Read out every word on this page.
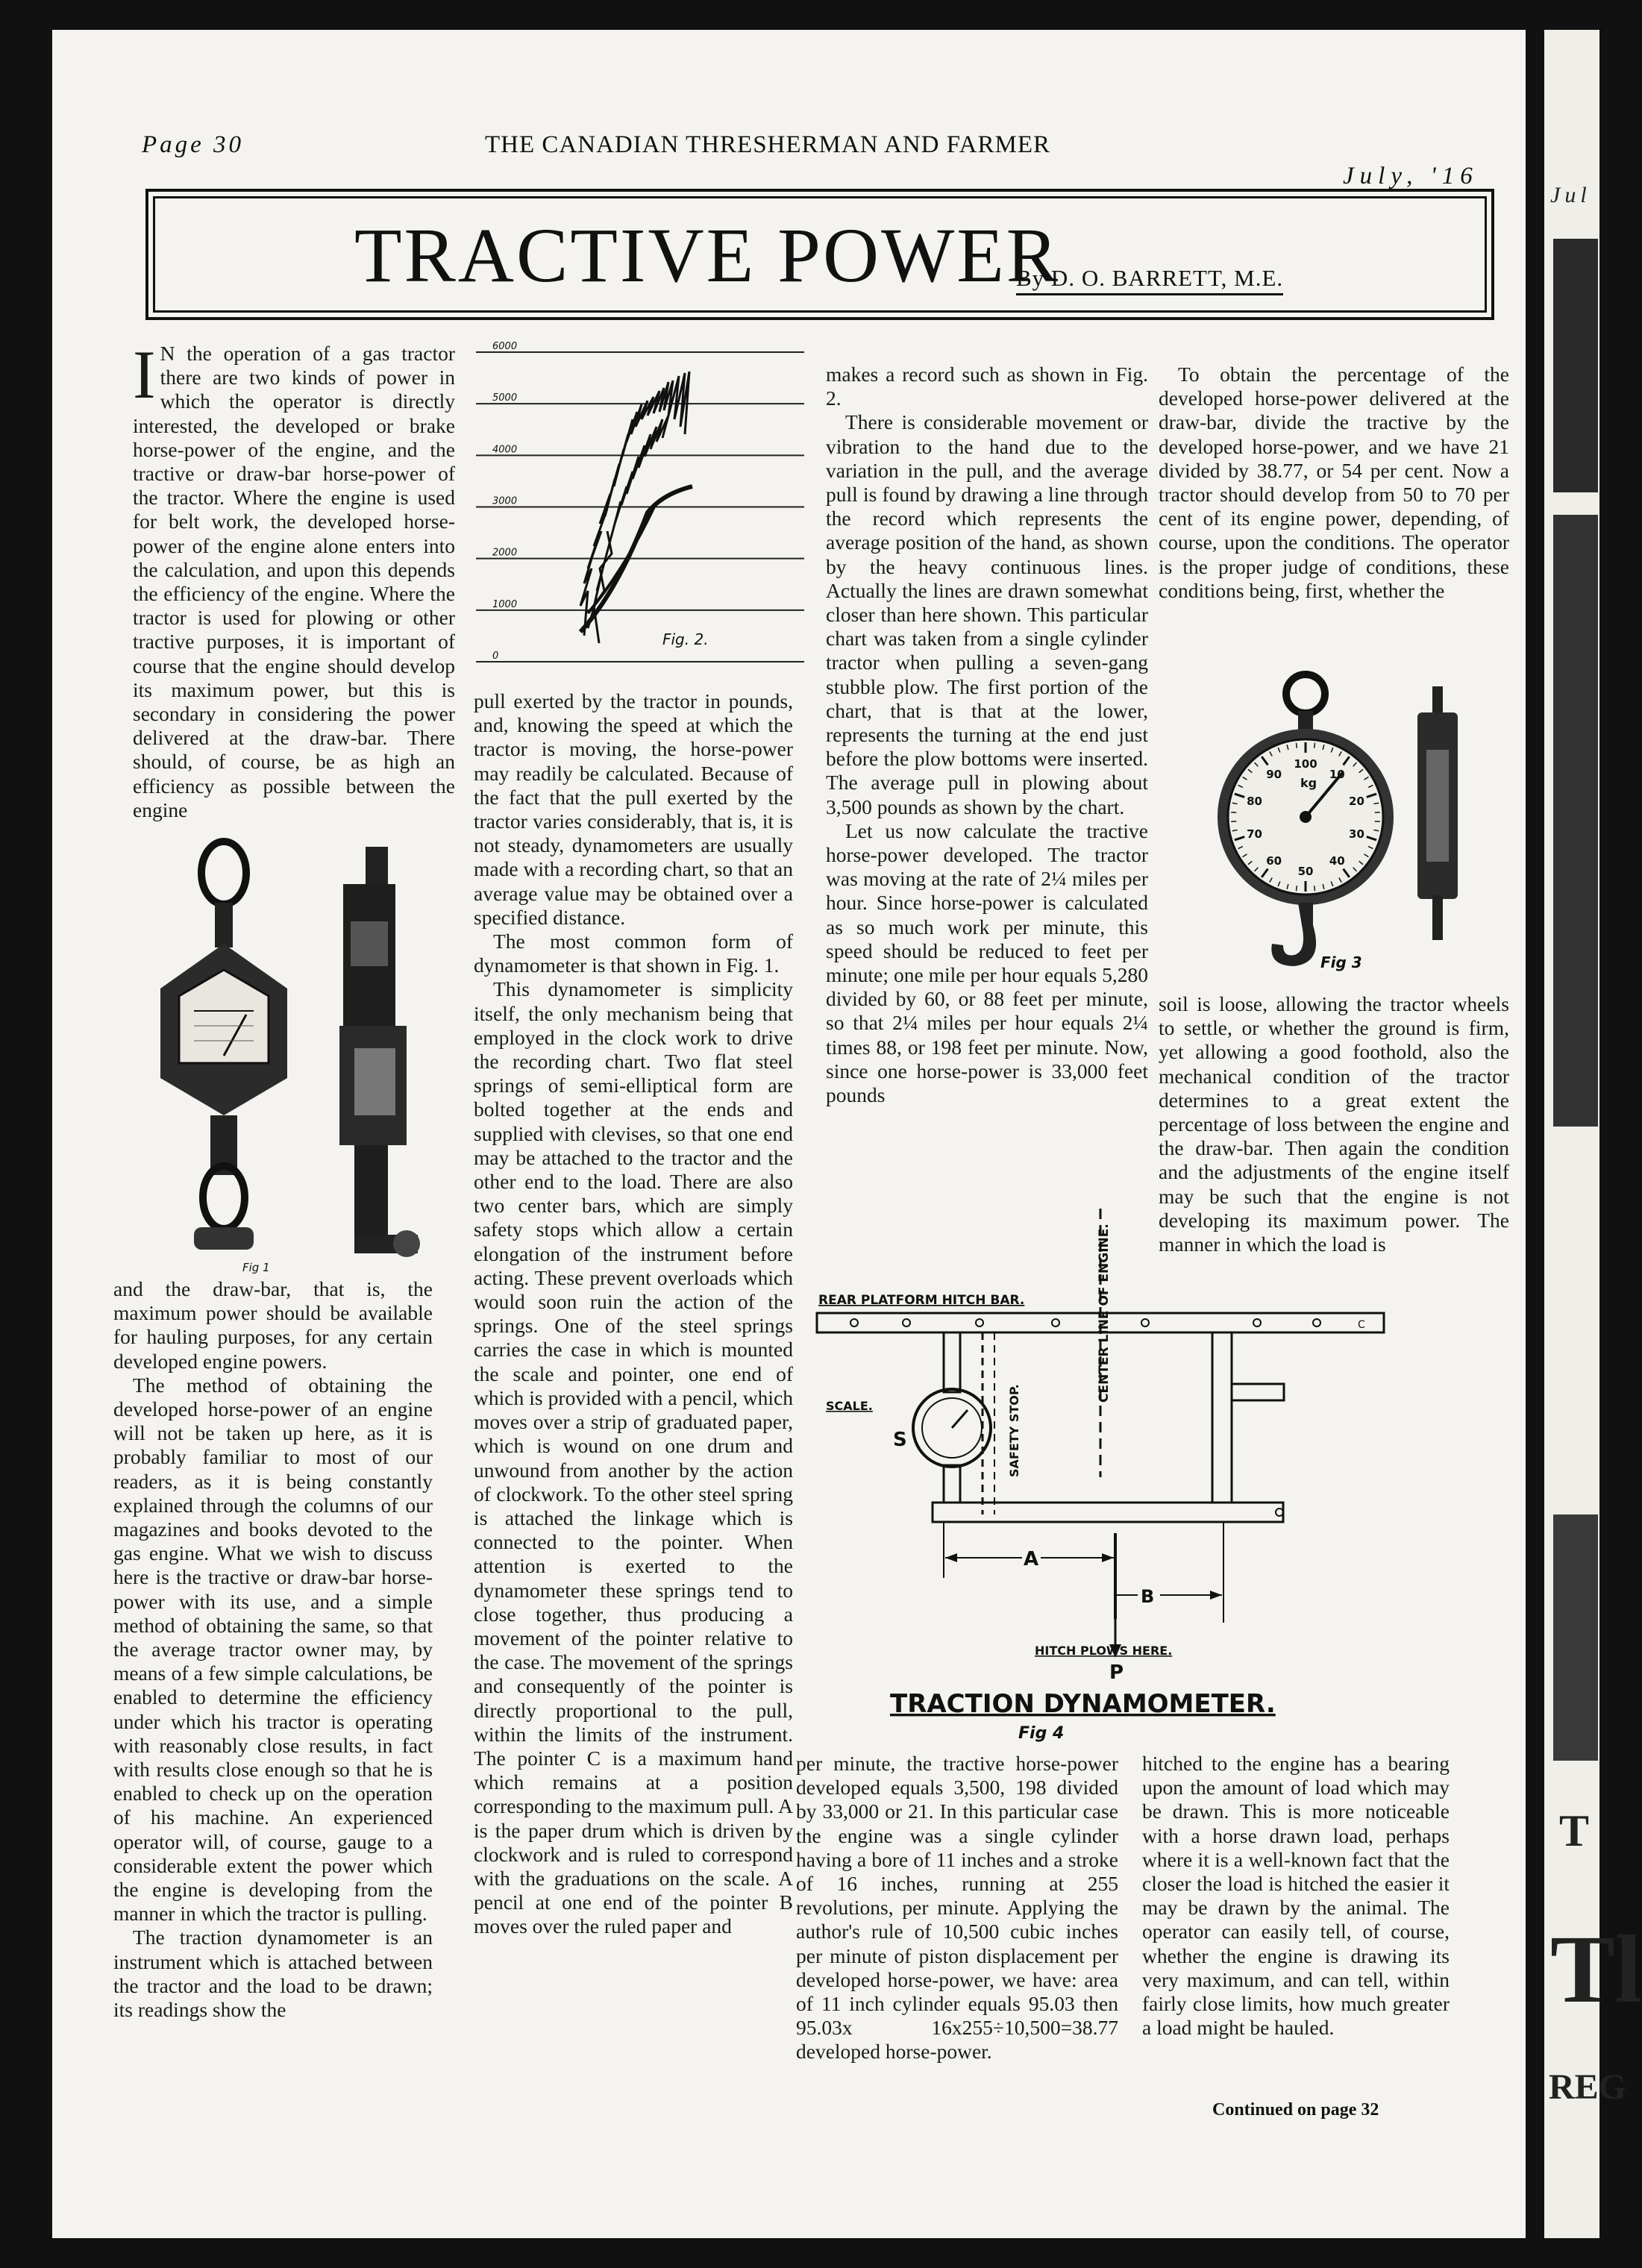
Jul
T
Tl
REG
Page 30	THE CANADIAN THRESHERMAN AND FARMER
July, '16
TRACTIVE POWER
By D. O. BARRETT, M.E.

I N the operation of a gas tractor there are two kinds of power in which the operator is directly interested, the developed or brake horse-power of the engine, and the tractive or draw-bar horse-power of the tractor. Where the engine is used for belt work, the developed horse-power of the engine alone enters into the calculation, and upon this depends the efficiency of the engine. Where the tractor is used for plowing or other tractive purposes, it is important of course that the engine should develop its maximum power, but this is secondary in considering the power delivered at the draw-bar. There should, of course, be as high an efficiency as possible between the engine

Fig 1

and the draw-bar, that is, the maximum power should be available for hauling purposes, for any certain developed engine powers.

The method of obtaining the developed horse-power of an engine will not be taken up here, as it is probably familiar to most of our readers, as it is being constantly explained through the columns of our magazines and books devoted to the gas engine. What we wish to discuss here is the tractive or draw-bar horse-power with its use, and a simple method of obtaining the same, so that the average tractor owner may, by means of a few simple calculations, be enabled to determine the efficiency under which his tractor is operating with reasonably close results, in fact with results close enough so that he is enabled to check up on the operation of his machine. An experienced operator will, of course, gauge to a considerable extent the power which the engine is developing from the manner in which the tractor is pulling.

The traction dynamometer is an instrument which is attached between the tractor and the load to be drawn; its readings show the

6000
5000
4000
3000
2000
1000
0
Fig. 2.

pull exerted by the tractor in pounds, and, knowing the speed at which the tractor is moving, the horse-power may readily be calculated. Because of the fact that the pull exerted by the tractor varies considerably, that is, it is not steady, dynamometers are usually made with a recording chart, so that an average value may be obtained over a specified distance.

The most common form of dynamometer is that shown in Fig. 1.

This dynamometer is simplicity itself, the only mechanism being that employed in the clock work to drive the recording chart. Two flat steel springs of semi-elliptical form are bolted together at the ends and supplied with clevises, so that one end may be attached to the tractor and the other end to the load. There are also two center bars, which are simply safety stops which allow a certain elongation of the instrument before acting. These prevent overloads which would soon ruin the action of the springs. One of the steel springs carries the case in which is mounted the scale and pointer, one end of which is provided with a pencil, which moves over a strip of graduated paper, which is wound on one drum and unwound from another by the action of clockwork. To the other steel spring is attached the linkage which is connected to the pointer. When attention is exerted to the dynamometer these springs tend to close together, thus producing a movement of the pointer relative to the case. The movement of the springs and consequently of the pointer is directly proportional to the pull, within the limits of the instrument. The pointer C is a maximum hand which remains at a position corresponding to the maximum pull. A is the paper drum which is driven by clockwork and is ruled to correspond with the graduations on the scale. A pencil at one end of the pointer B moves over the ruled paper and

makes a record such as shown in Fig. 2.

There is considerable movement or vibration to the hand due to the variation in the pull, and the average pull is found by drawing a line through the record which represents the average position of the hand, as shown by the heavy continuous lines. Actually the lines are drawn somewhat closer than here shown. This particular chart was taken from a single cylinder tractor when pulling a seven-gang stubble plow. The first portion of the chart, that is that at the lower, represents the turning at the end just before the plow bottoms were inserted. The average pull in plowing about 3,500 pounds as shown by the chart.

Let us now calculate the tractive horse-power developed. The tractor was moving at the rate of 2¼ miles per hour. Since horse-power is calculated as so much work per minute, this speed should be reduced to feet per minute; one mile per hour equals 5,280 divided by 60, or 88 feet per minute, so that 2¼ miles per hour equals 2¼ times 88, or 198 feet per minute. Now, since one horse-power is 33,000 feet pounds

To obtain the percentage of the developed horse-power delivered at the draw-bar, divide the tractive by the developed horse-power, and we have 21 divided by 38.77, or 54 per cent. Now a tractor should develop from 50 to 70 per cent of its engine power, depending, of course, upon the conditions. The operator is the proper judge of conditions, these conditions being, first, whether the

10
20
30
40
50
60
70
80
90
100
kg
Fig 3

soil is loose, allowing the tractor wheels to settle, or whether the ground is firm, yet allowing a good foothold, also the mechanical condition of the tractor determines to a great extent the percentage of loss between the engine and the draw-bar. Then again the condition and the adjustments of the engine itself may be such that the engine is not developing its maximum power. The manner in which the load is

CENTER LINE OF ENGINE.
REAR PLATFORM HITCH BAR.
C
SAFETY STOP.
S
SCALE.
A
B
HITCH PLOWS HERE.
P
TRACTION DYNAMOMETER.
Fig 4

per minute, the tractive horse-power developed equals 3,500, 198 divided by 33,000 or 21. In this particular case the engine was a single cylinder having a bore of 11 inches and a stroke of 16 inches, running at 255 revolutions, per minute. Applying the author's rule of 10,500 cubic inches per minute of piston displacement per developed horse-power, we have: area of 11 inch cylinder equals 95.03 then 95.03x 16x255÷10,500=38.77 developed horse-power.

hitched to the engine has a bearing upon the amount of load which may be drawn. This is more noticeable with a horse drawn load, perhaps where it is a well-known fact that the closer the load is hitched the easier it may be drawn by the animal. The operator can easily tell, of course, whether the engine is drawing its very maximum, and can tell, within fairly close limits, how much greater a load might be hauled.

Continued on page 32
